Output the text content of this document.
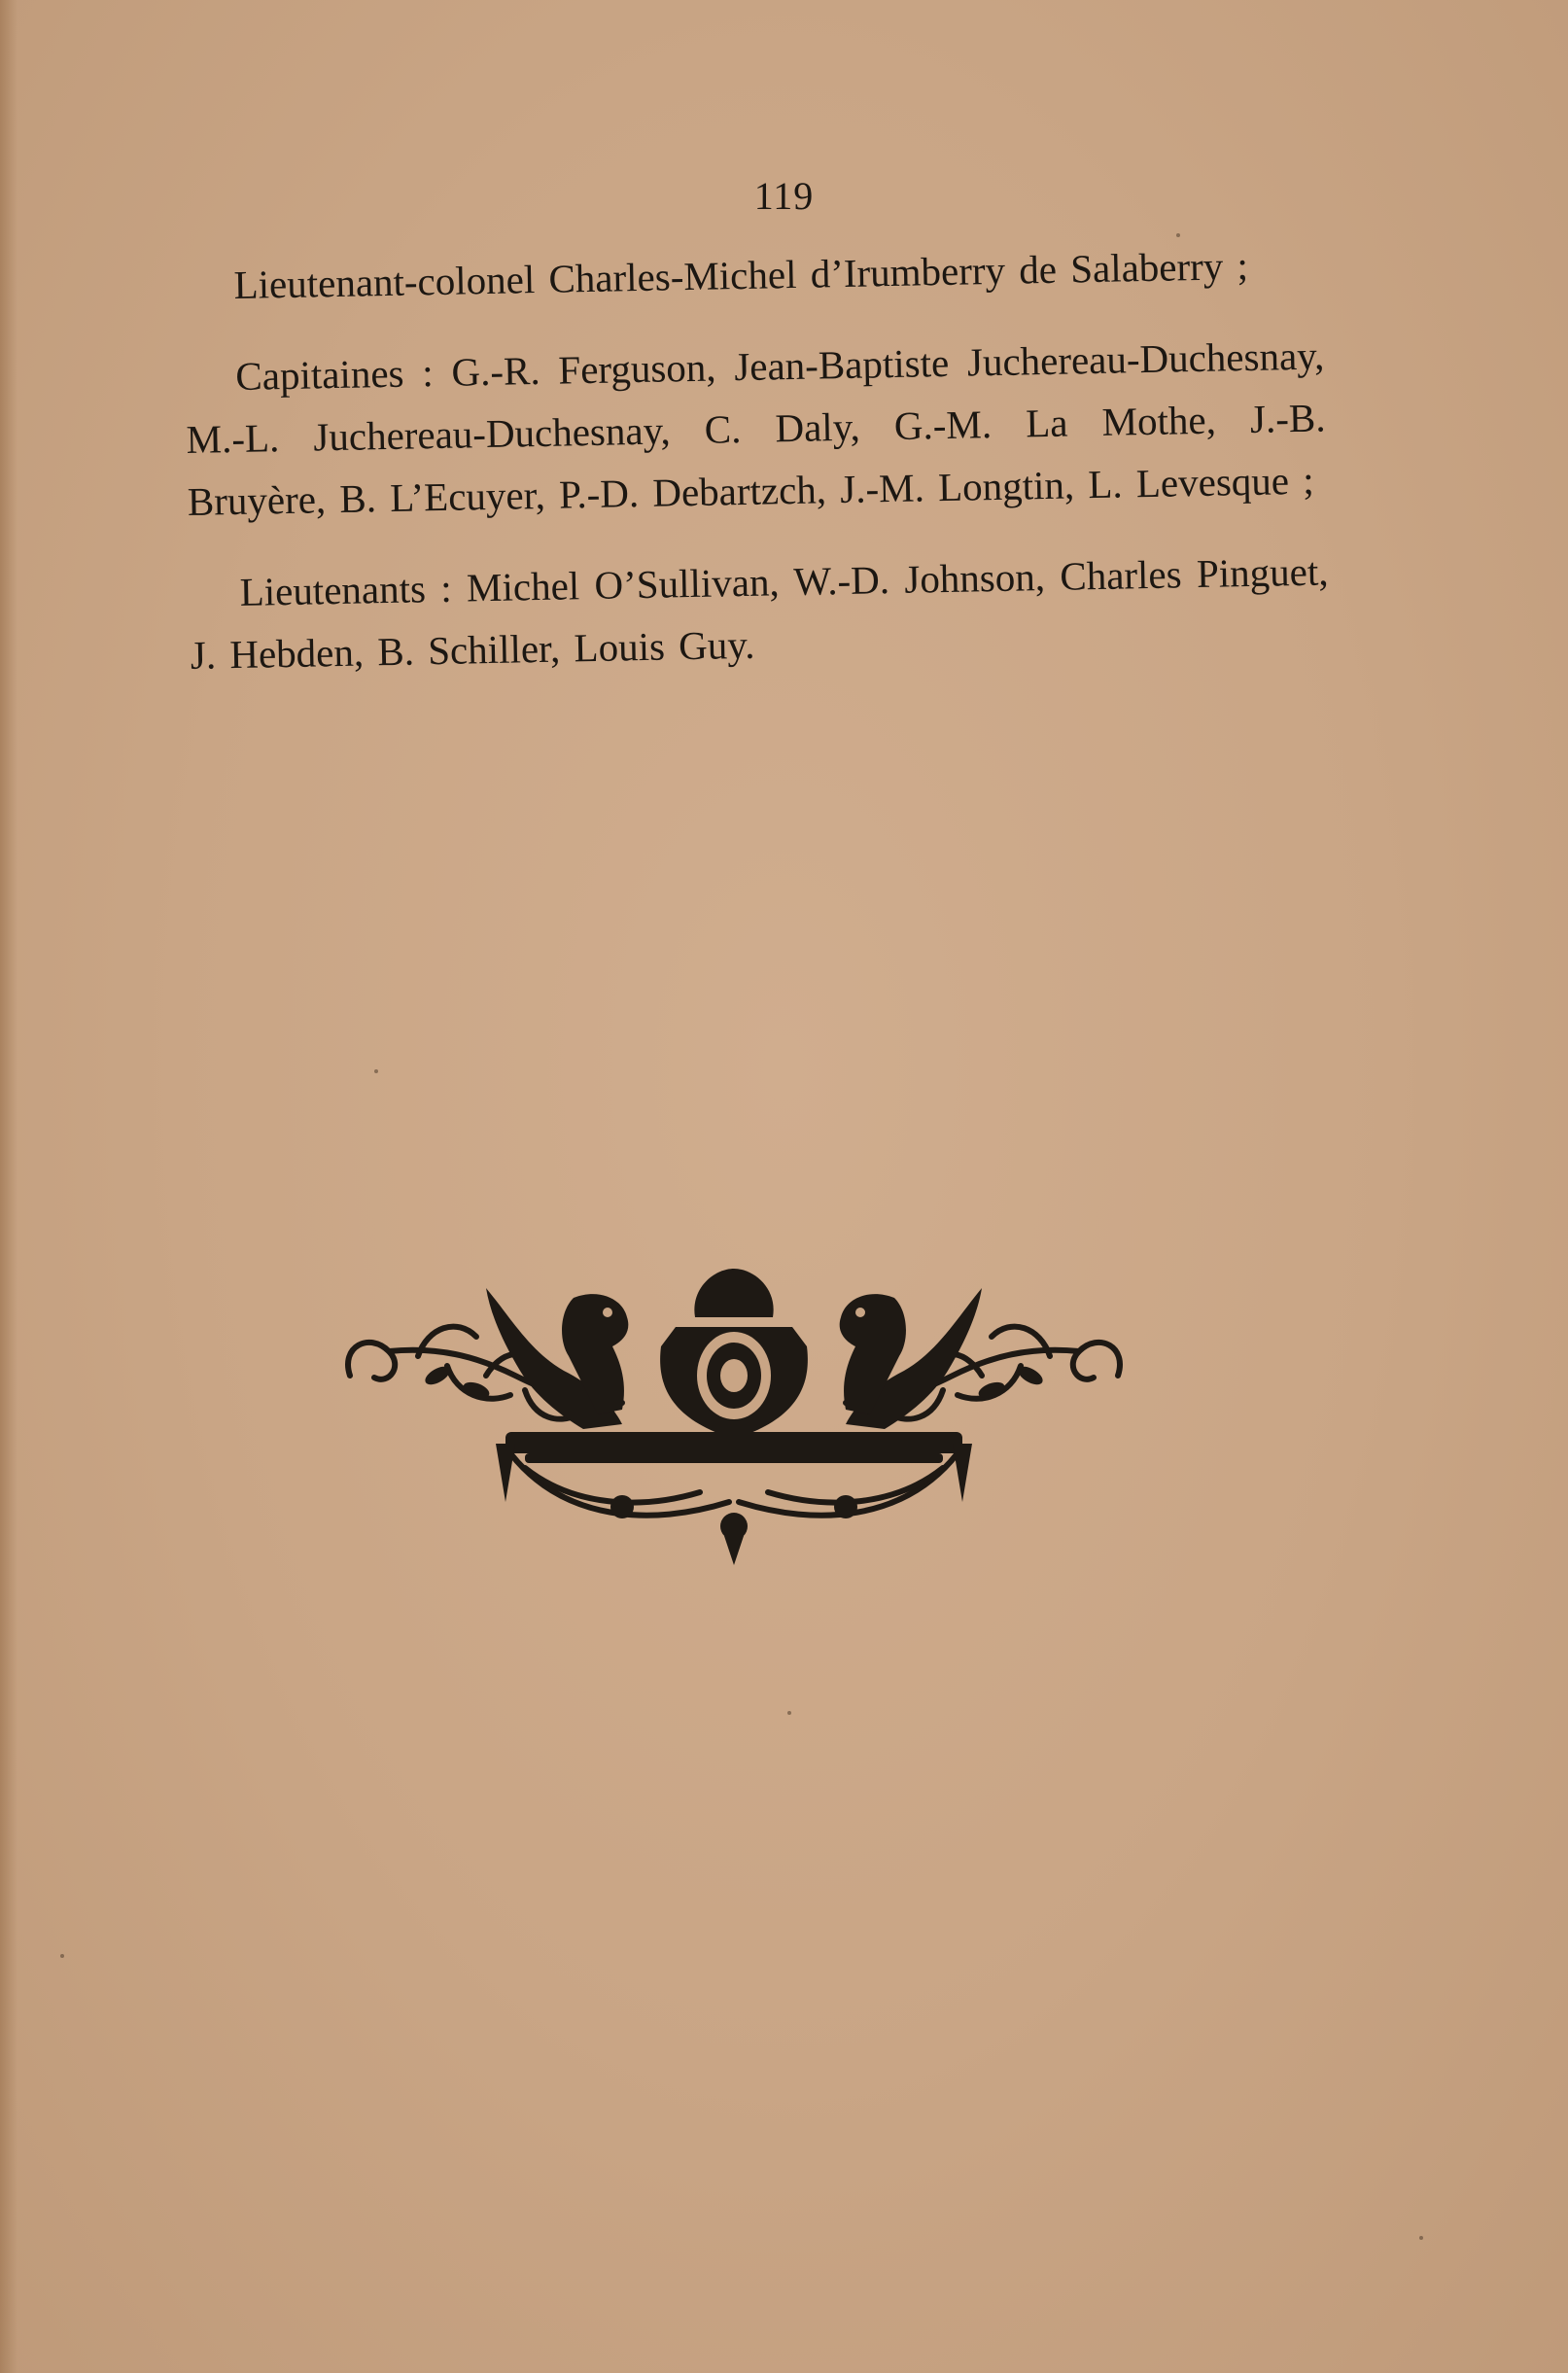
119

Lieutenant-colonel Charles-Michel d’Irumberry de Salaberry ;

Capitaines : G.-R. Ferguson, Jean-Baptiste Juchereau-Duchesnay, M.-L. Juchereau-Duchesnay, C. Daly, G.-M. La Mothe, J.-B. Bruyère, B. L’Ecuyer, P.-D. Debartzch, J.-M. Longtin, L. Levesque ;

Lieutenants : Michel O’Sullivan, W.-D. Johnson, Charles Pinguet, J. Hebden, B. Schiller, Louis Guy.
